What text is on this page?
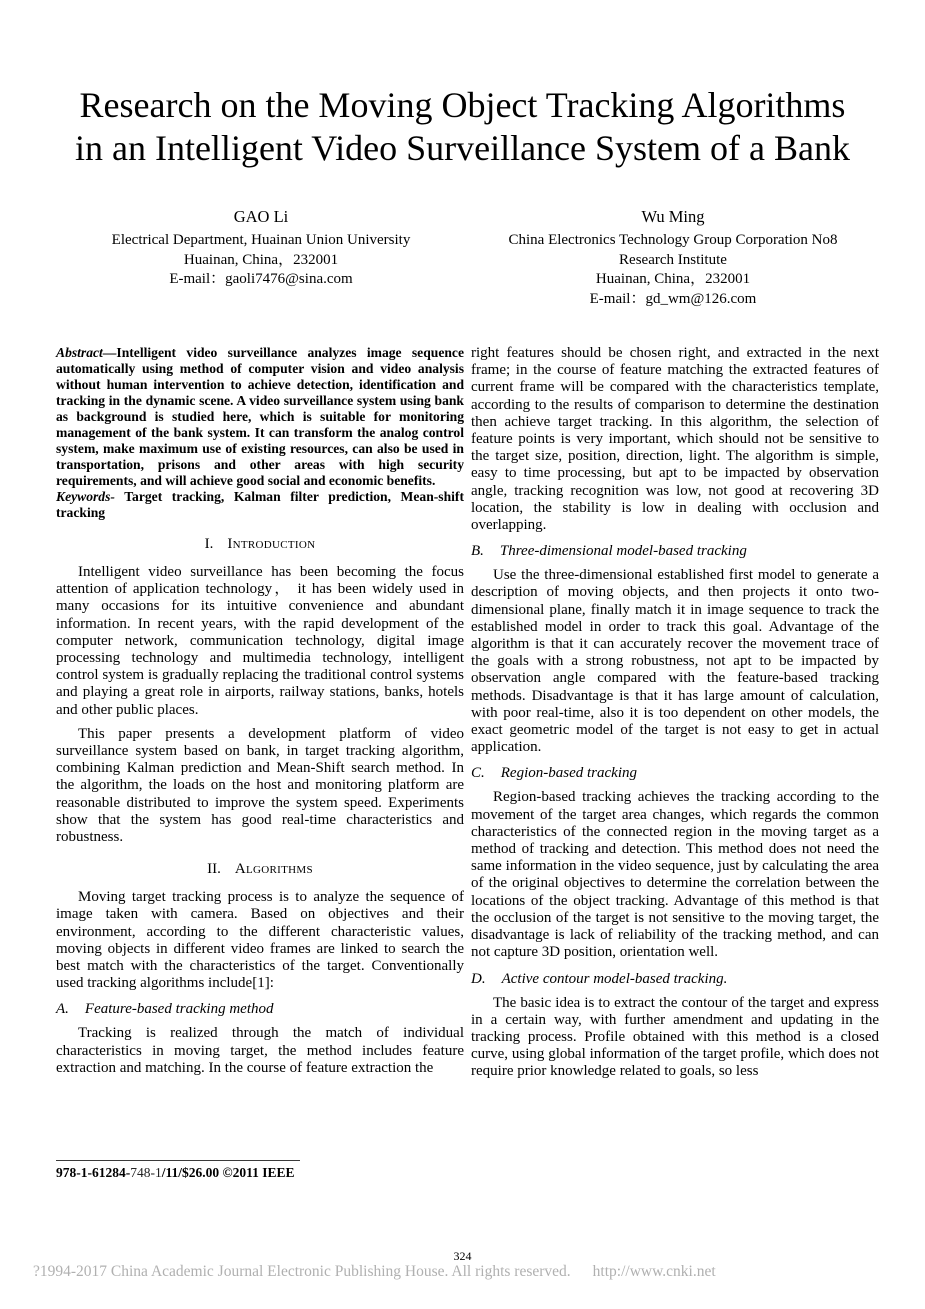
Research on the Moving Object Tracking Algorithms
in an Intelligent Video Surveillance System of a Bank
GAO Li
Electrical Department, Huainan Union University
Huainan, China，232001
E-mail：gaoli7476@sina.com
Wu Ming
China Electronics Technology Group Corporation No8
Research Institute
Huainan, China，232001
E-mail：gd_wm@126.com

Abstract—Intelligent video surveillance analyzes image sequence automatically using method of computer vision and video analysis without human intervention to achieve detection, identification and tracking in the dynamic scene. A video surveillance system using bank as background is studied here, which is suitable for monitoring management of the bank system. It can transform the analog control system, make maximum use of existing resources, can also be used in transportation, prisons and other areas with high security requirements, and will achieve good social and economic benefits.

Keywords- Target tracking, Kalman filter prediction, Mean-shift tracking

I. Introduction

Intelligent video surveillance has been becoming the focus attention of application technology， it has been widely used in many occasions for its intuitive convenience and abundant information. In recent years, with the rapid development of the computer network, communication technology, digital image processing technology and multimedia technology, intelligent control system is gradually replacing the traditional control systems and playing a great role in airports, railway stations, banks, hotels and other public places.

This paper presents a development platform of video surveillance system based on bank, in target tracking algorithm, combining Kalman prediction and Mean-Shift search method. In the algorithm, the loads on the host and monitoring platform are reasonable distributed to improve the system speed. Experiments show that the system has good real-time characteristics and robustness.

II. Algorithms

Moving target tracking process is to analyze the sequence of image taken with camera. Based on objectives and their environment, according to the different characteristic values, moving objects in different video frames are linked to search the best match with the characteristics of the target. Conventionally used tracking algorithms include[1]:

A. Feature-based tracking method

Tracking is realized through the match of individual characteristics in moving target, the method includes feature extraction and matching. In the course of feature extraction the

right features should be chosen right, and extracted in the next frame; in the course of feature matching the extracted features of current frame will be compared with the characteristics template, according to the results of comparison to determine the destination then achieve target tracking. In this algorithm, the selection of feature points is very important, which should not be sensitive to the target size, position, direction, light. The algorithm is simple, easy to time processing, but apt to be impacted by observation angle, tracking recognition was low, not good at recovering 3D location, the stability is low in dealing with occlusion and overlapping.

B. Three-dimensional model-based tracking

Use the three-dimensional established first model to generate a description of moving objects, and then projects it onto two-dimensional plane, finally match it in image sequence to track the established model in order to track this goal. Advantage of the algorithm is that it can accurately recover the movement trace of the goals with a strong robustness, not apt to be impacted by observation angle compared with the feature-based tracking methods. Disadvantage is that it has large amount of calculation, with poor real-time, also it is too dependent on other models, the exact geometric model of the target is not easy to get in actual application.

C. Region-based tracking

Region-based tracking achieves the tracking according to the movement of the target area changes, which regards the common characteristics of the connected region in the moving target as a method of tracking and detection. This method does not need the same information in the video sequence, just by calculating the area of the original objectives to determine the correlation between the locations of the object tracking. Advantage of this method is that the occlusion of the target is not sensitive to the moving target, the disadvantage is lack of reliability of the tracking method, and can not capture 3D position, orientation well.

D. Active contour model-based tracking.

The basic idea is to extract the contour of the target and express in a certain way, with further amendment and updating in the tracking process. Profile obtained with this method is a closed curve, using global information of the target profile, which does not require prior knowledge related to goals, so less

978-1-61284-748-1/11/$26.00 ©2011 IEEE
324
?1994-2017 China Academic Journal Electronic Publishing House. All rights reserved. http://www.cnki.net
